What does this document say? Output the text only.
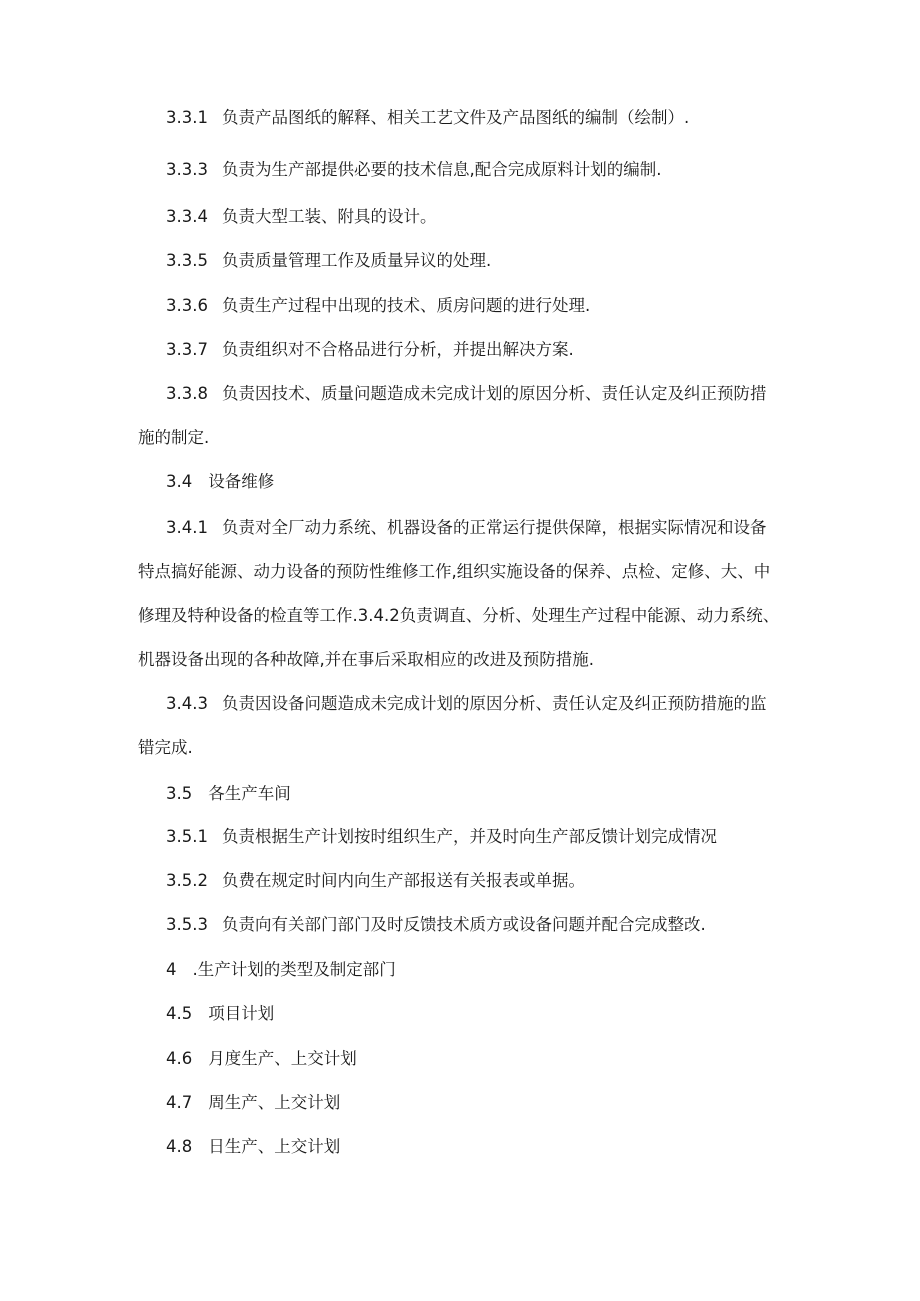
3.3.1 负责产品图纸的解释、相关工艺文件及产品图纸的编制（绘制）.
3.3.3 负责为生产部提供必要的技术信息,配合完成原料计划的编制.
3.3.4 负责大型工装、附具的设计。
3.3.5 负责质量管理工作及质量异议的处理.
3.3.6 负责生产过程中出现的技术、质房问题的进行处理.
3.3.7 负责组织对不合格品进行分析，并提出解决方案.
3.3.8 负责因技术、质量问题造成未完成计划的原因分析、责任认定及纠正预防措
施的制定.
3.4 设备维修
3.4.1 负责对全厂动力系统、机器设备的正常运行提供保障，根据实际情况和设备
特点搞好能源、动力设备的预防性维修工作,组织实施设备的保养、点检、定修、大、中
修理及特种设备的检直等工作.3.4.2负责调直、分析、处理生产过程中能源、动力系统、
机器设备出现的各种故障,并在事后采取相应的改进及预防措施.
3.4.3 负责因设备问题造成未完成计划的原因分析、责任认定及纠正预防措施的监
错完成.
3.5 各生产车间
3.5.1 负责根据生产计划按时组织生产，并及时向生产部反馈计划完成情况
3.5.2 负费在规定时间内向生产部报送有关报表或单据。
3.5.3 负责向有关部门部门及时反馈技术质方或设备问题并配合完成整改.
4 .生产计划的类型及制定部门
4.5 项目计划
4.6 月度生产、上交计划
4.7 周生产、上交计划
4.8 日生产、上交计划
